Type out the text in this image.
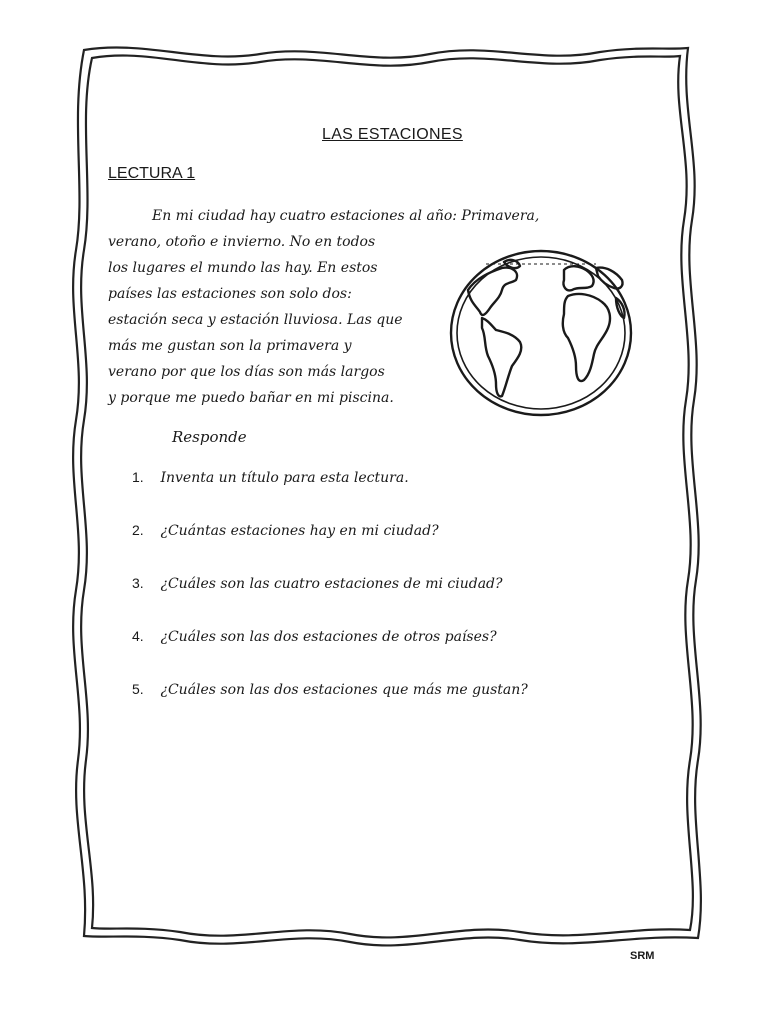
LAS ESTACIONES
LECTURA 1
En mi ciudad hay cuatro estaciones al año: Primavera,
verano, otoño e invierno. No en todos
los lugares el mundo las hay. En estos
países las estaciones son solo dos:
estación seca y estación lluviosa. Las que
más me gustan son la primavera y
verano por que los días son más largos
y porque me puedo bañar en mi piscina.
Responde
1. Inventa un título para esta lectura.
2. ¿Cuántas estaciones hay en mi ciudad?
3. ¿Cuáles son las cuatro estaciones de mi ciudad?
4. ¿Cuáles son las dos estaciones de otros países?
5. ¿Cuáles son las dos estaciones que más me gustan?
SRM
